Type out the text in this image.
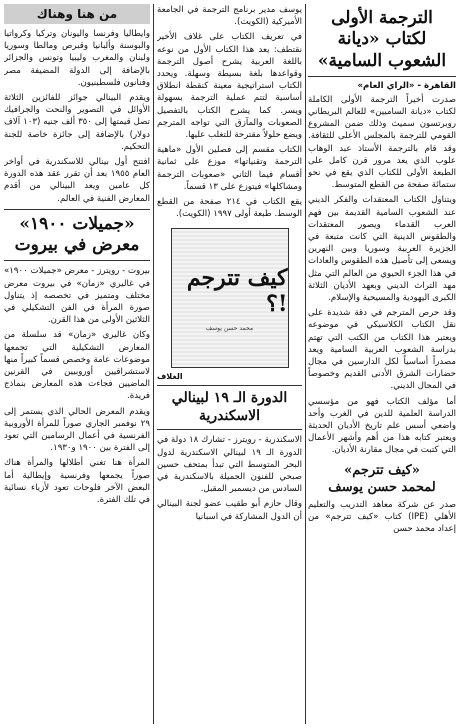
الترجمة الأولى لكتاب «ديانة الشعوب السامية»
القاهرة - «الراي العام»

صدرت أخيراً الترجمة الأولى الكاملة لكتاب «ديانة الساميين» للعالم البريطاني روبرتسون سميث وذلك ضمن المشروع القومي للترجمة بالمجلس الأعلى للثقافة. وقد قام بالترجمة الأستاذ عبد الوهاب علوب الذي يعد مرور قرن كامل على الطبعة الأولى للكتاب الذي يقع في نحو ستمائة صفحة من القطع المتوسط.

ويتناول الكتاب المعتقدات والفكر الديني عند الشعوب السامية القديمة بين فهم العرب القدماء ويصور المعتقدات والطقوس الدينية التي كانت متبعة في الجزيرة العربية وسوريا وبين النهرين ويسعى إلى تأصيل هذه الطقوس والعادات في هذا الجزء الحيوي من العالم التي مثل مهد التراث الديني وبعهد الأديان الثلاثة الكبرى اليهودية والمسيحية والإسلام.

وقد حرص المترجم في دقة شديدة على نقل الكتاب الكلاسيكي في موضوعه ويعتبر هذا الكتاب من الكتب التي تهتم بدراسة الشعوب العربية السامية ويعد مصدراً أساسياً لكل الدارسين في مجال حضارات الشرق الأدنى القديم وخصوصاً في المجال الديني.

أما مؤلف الكتاب فهو من مؤسسي الدراسة العلمية للدين في الغرب وأحد واضعي أسس علم تاريخ الأديان الحديثة ويعتبر كتابه هذا من أهم وأشهر الأعمال التي كتبت في مجال مقارنة الأديان.

«كيف تترجم»
لمحمد حسن يوسف

صدر عن شركة معاهد التدريب والتعليم الأهلي (IPE) كتاب «كيف تترجم» من إعداد محمد حسن

يوسف مدير برنامج الترجمة في الجامعة الأميركية (الكويت).

في تعريف الكتاب على غلاف الأخير نقتطف: يعد هذا الكتاب الأول من نوعه باللغة العربية يشرح أصول الترجمة وقواعدها بلغة بسيطة وسهلة. ويحدد الكتاب استراتيجية معينة كنقطة انطلاق أساسية لتتم عملية الترجمة بسهولة ويسر. كما يشرح الكتاب بالتفصيل الصعوبات والمآزق التي تواجه المترجم ويضع حلولاً مقترحة للتغلب عليها.

الكتاب مقسم إلى فصلين الأول «ماهية الترجمة وتقنياتها» موزع على ثمانية أقسام فيما الثاني «صعوبات الترجمة ومشاكلها» فيتوزع على ١٣ قسماً.

يقع الكتاب في ٢١٤ صفحة من القطع الوسط. طبعة أولى ١٩٩٧ (الكويت).

كيف تترجم !؟
محمد حسن يوسف
الغلاف
الدورة الـ ١٩ لبينالي الاسكندرية

الاسكندرية - رويترز - تشارك ١٨ دولة في الدورة الـ ١٩ لبينالي الاسكندرية لدول البحر المتوسط التي تبدأ بمتحف حسين صبحي للفنون الجميلة بالاسكندرية في السادس من ديسمبر المقبل.

وقال حازم أبو طقيب عضو لجنة البينالي أن الدول المشاركة في اسبانيا

من هنا وهناك

وايطاليا وفرنسا واليونان وتركيا وكرواتيا والبوسنة وألبانيا وقبرص ومالطا وسوريا ولبنان والمغرب وليبيا وتونس والجزائر بالإضافة إلى الدولة المضيفة مصر وفنانون فلسطينيون.

ويقدم البينالي جوائز للفائزين الثلاثة الأوائل في التصوير والنحت والجرافيك تصل قيمتها إلى ٣٥٠ ألف جنيه (١٠٣ آلاف دولار) بالإضافة إلى جائزة خاصة للجنة التحكيم.

افتتح أول بينالي للاسكندرية في أواخر العام ١٩٥٥ بعد أن تقرر عقد هذه الدورة كل عامين ويعد البينالي من أقدم المعارض الفنية في العالم.

«جميلات ١٩٠٠» معرض في بيروت

بيروت - رويترز - معرض «جميلات ١٩٠٠» في غاليري «زمان» في بيروت معرض مختلف ومتميز في تخصصه إذ يتناول صورة المرأة في الفن التشكيلي في الثلاثين الأولى من هذا القرن.

وكان غاليري «زمان» قد سلسلة من المعارض التشكيلية التي تجمعها موضوعات عامة وخصص قسماً كبيراً منها لاستشراقيين أوروبيين في القرنين الماضيين فجاءت هذه المعارض بنماذج فريدة.

ويقدم المعرض الحالي الذي يستمر إلى ٢٩ نوفمبر الجاري صوراً للمرأة الأوروبية الفرنسية في أعمال الرسامين التي تعود إلى الفترة بين ١٩٠٠ و١٩٣٠.

المرأة هنا تغني أطلالها والمرأة هناك صوراً يجمعها وفرنسية وإيطالية أما البعض الآخر فلوحات تعود لأزياء نسائية في تلك الفترة.
